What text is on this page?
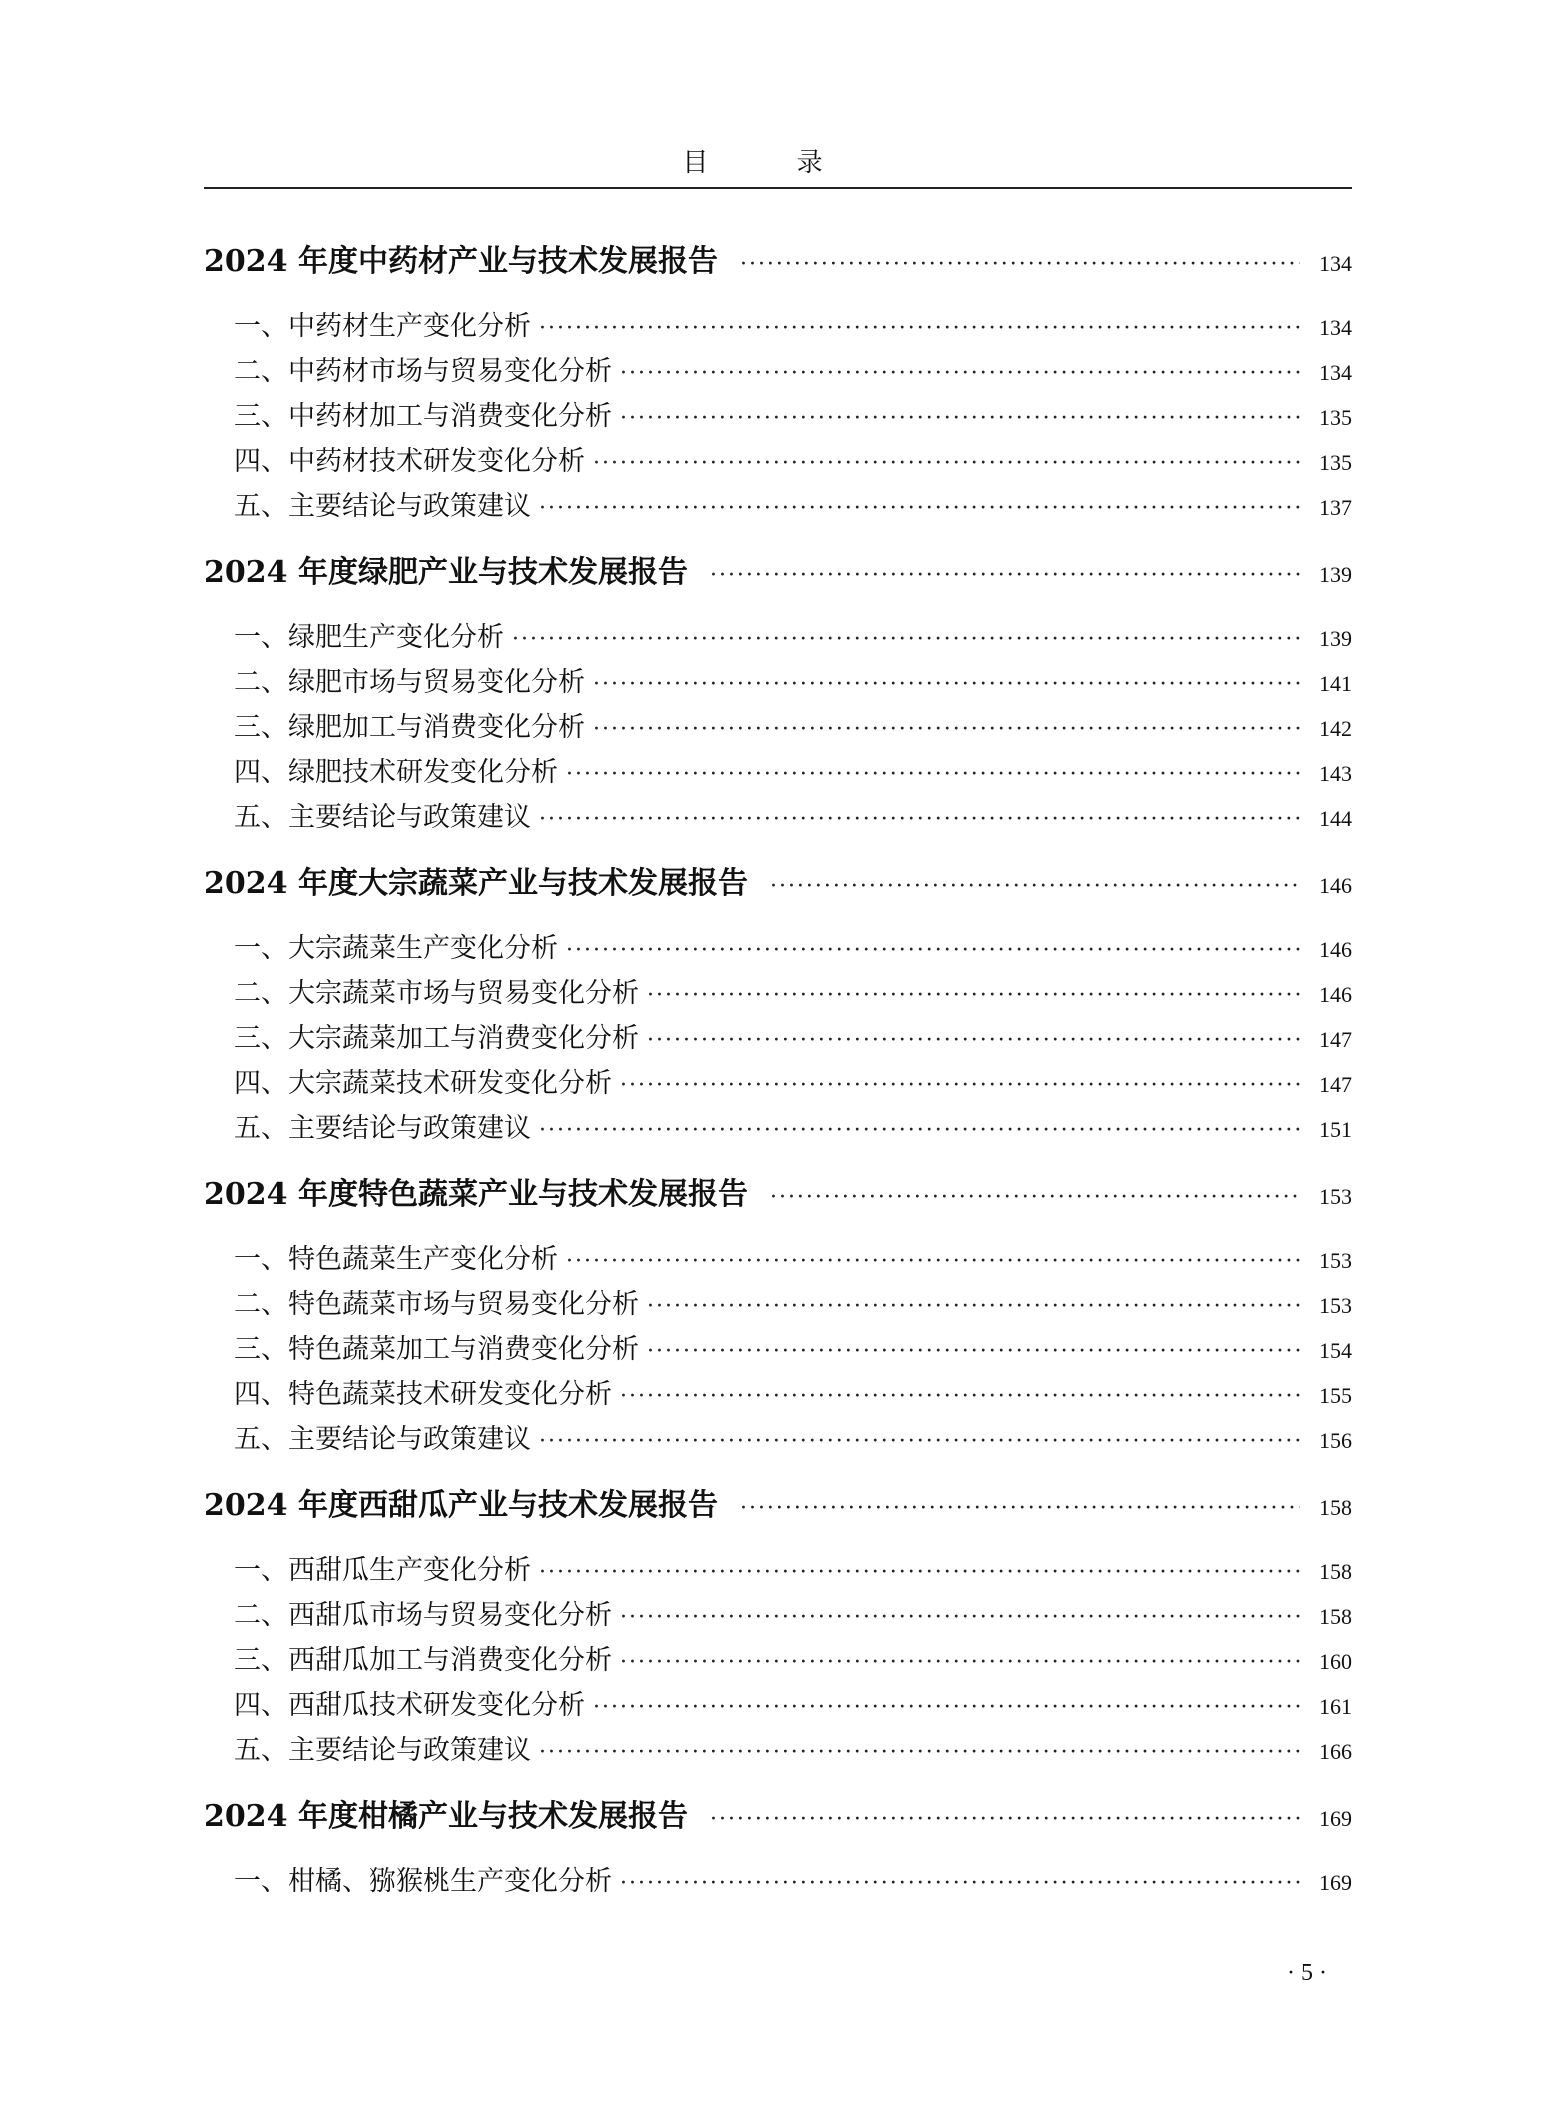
目 录
2024 年度中药材产业与技术发展报告 ·····	134
一、中药材生产变化分析 ·····	134
二、中药材市场与贸易变化分析 ·····	134
三、中药材加工与消费变化分析 ·····	135
四、中药材技术研发变化分析 ·····	135
五、主要结论与政策建议 ·····	137
2024 年度绿肥产业与技术发展报告 ·····	139
一、绿肥生产变化分析 ·····	139
二、绿肥市场与贸易变化分析 ·····	141
三、绿肥加工与消费变化分析 ·····	142
四、绿肥技术研发变化分析 ·····	143
五、主要结论与政策建议 ·····	144
2024 年度大宗蔬菜产业与技术发展报告 ·····	146
一、大宗蔬菜生产变化分析 ·····	146
二、大宗蔬菜市场与贸易变化分析 ·····	146
三、大宗蔬菜加工与消费变化分析 ·····	147
四、大宗蔬菜技术研发变化分析 ·····	147
五、主要结论与政策建议 ·····	151
2024 年度特色蔬菜产业与技术发展报告 ·····	153
一、特色蔬菜生产变化分析 ·····	153
二、特色蔬菜市场与贸易变化分析 ·····	153
三、特色蔬菜加工与消费变化分析 ·····	154
四、特色蔬菜技术研发变化分析 ·····	155
五、主要结论与政策建议 ·····	156
2024 年度西甜瓜产业与技术发展报告 ·····	158
一、西甜瓜生产变化分析 ·····	158
二、西甜瓜市场与贸易变化分析 ·····	158
三、西甜瓜加工与消费变化分析 ·····	160
四、西甜瓜技术研发变化分析 ·····	161
五、主要结论与政策建议 ·····	166
2024 年度柑橘产业与技术发展报告 ·····	169
一、柑橘、猕猴桃生产变化分析 ·····	169
· 5 ·
